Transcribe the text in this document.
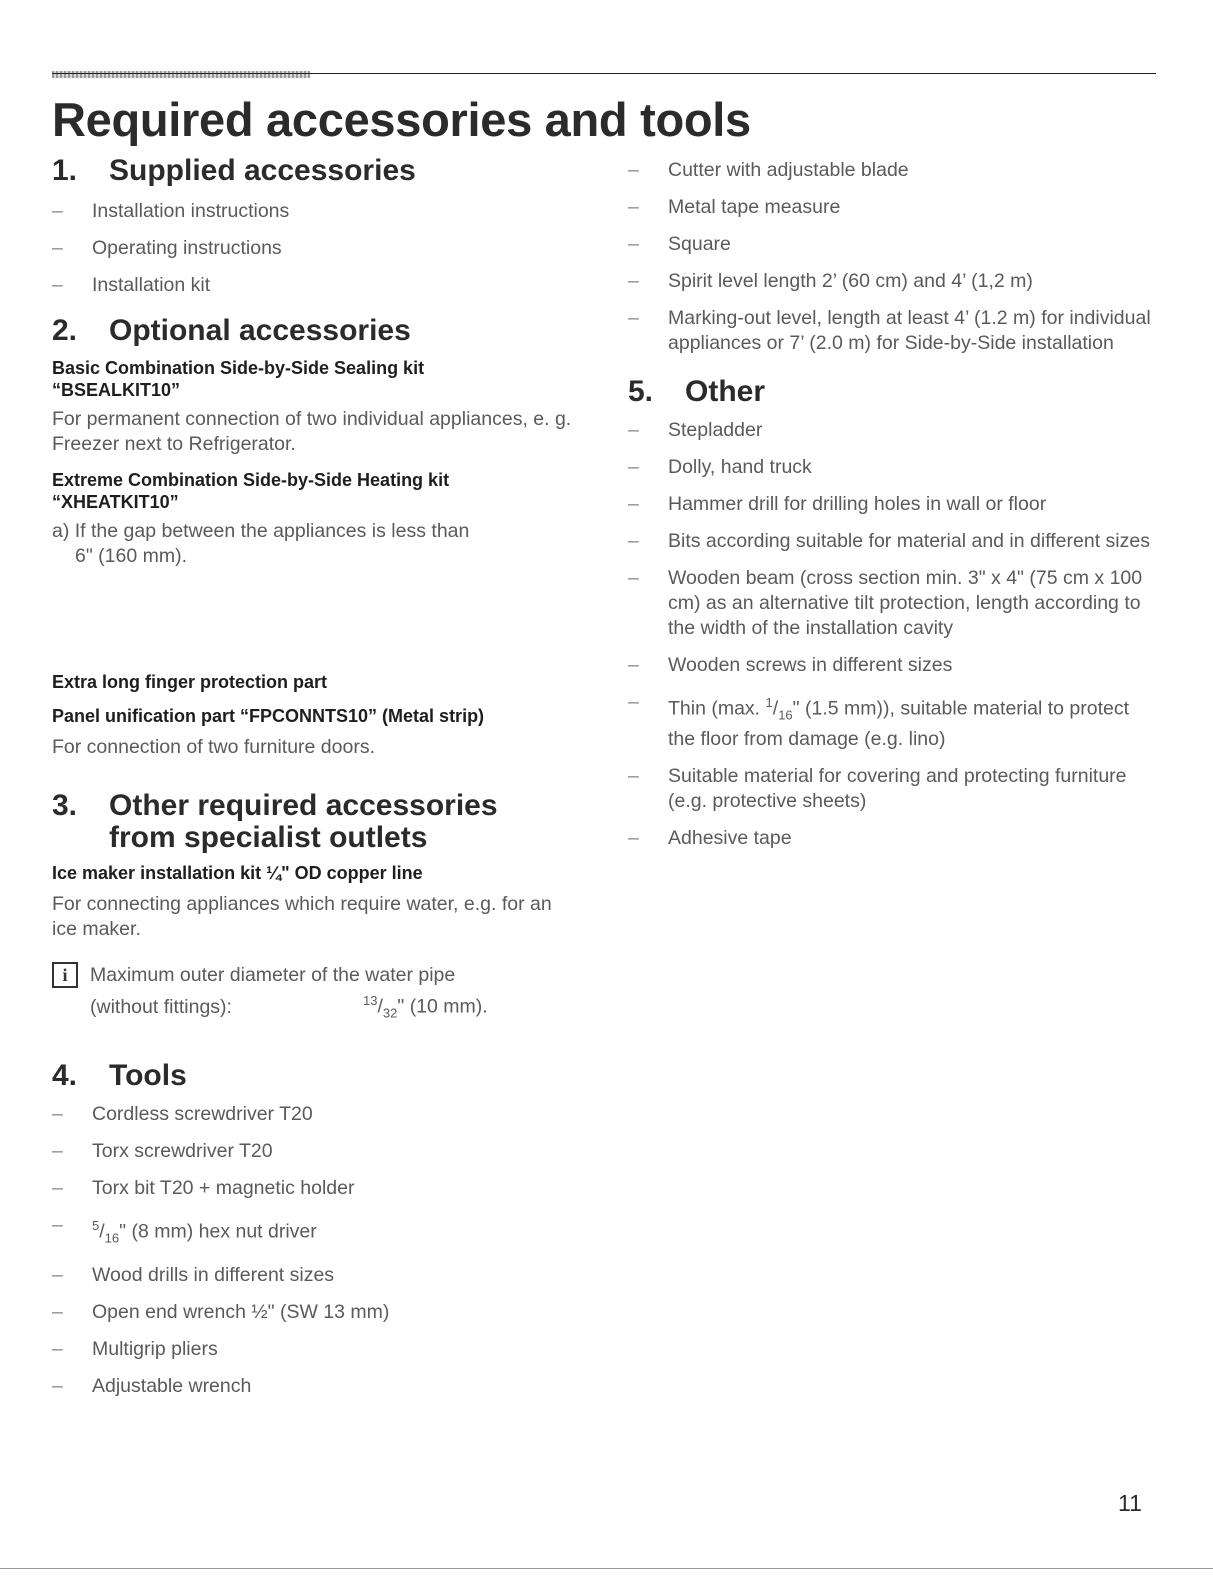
Required accessories and tools
1.	Supplied accessories
– Installation instructions
– Operating instructions
– Installation kit
2.	Optional accessories
Basic Combination Side-by-Side Sealing kit “BSEALKIT10”

For permanent connection of two individual appliances, e. g. Freezer next to Refrigerator.

Extreme Combination Side-by-Side Heating kit “XHEATKIT10”

a) If the gap between the appliances is less than

6" (160 mm).

Extra long finger protection part
Panel unification part “FPCONNTS10” (Metal strip)

For connection of two furniture doors.

3.	Other required accessories
from specialist outlets
Ice maker installation kit ¼" OD copper line

For connecting appliances which require water, e.g. for an ice maker.

i	Maximum outer diameter of the water pipe

(without fittings):	$^{13}/_{32}$" (10 mm).

4.	Tools
– Cordless screwdriver T20
– Torx screwdriver T20
– Torx bit T20 + magnetic holder
– $^5/_{16}$" (8 mm) hex nut driver
– Wood drills in different sizes
– Open end wrench ½" (SW 13 mm)
– Multigrip pliers
– Adjustable wrench
– Cutter with adjustable blade
– Metal tape measure
– Square
– Spirit level length 2’ (60 cm) and 4’ (1,2 m)
– Marking-out level, length at least 4’ (1.2 m) for individual appliances or 7’ (2.0 m) for Side-by-Side installation
5.	Other
– Stepladder
– Dolly, hand truck
– Hammer drill for drilling holes in wall or floor
– Bits according suitable for material and in different sizes
– Wooden beam (cross section min. 3" x 4" (75 cm x 100 cm) as an alternative tilt protection, length according to the width of the installation cavity
– Wooden screws in different sizes
– Thin (max. $^1/_{16}$" (1.5 mm)), suitable material to protect the floor from damage (e.g. lino)
– Suitable material for covering and protecting furniture (e.g. protective sheets)
– Adhesive tape
11
